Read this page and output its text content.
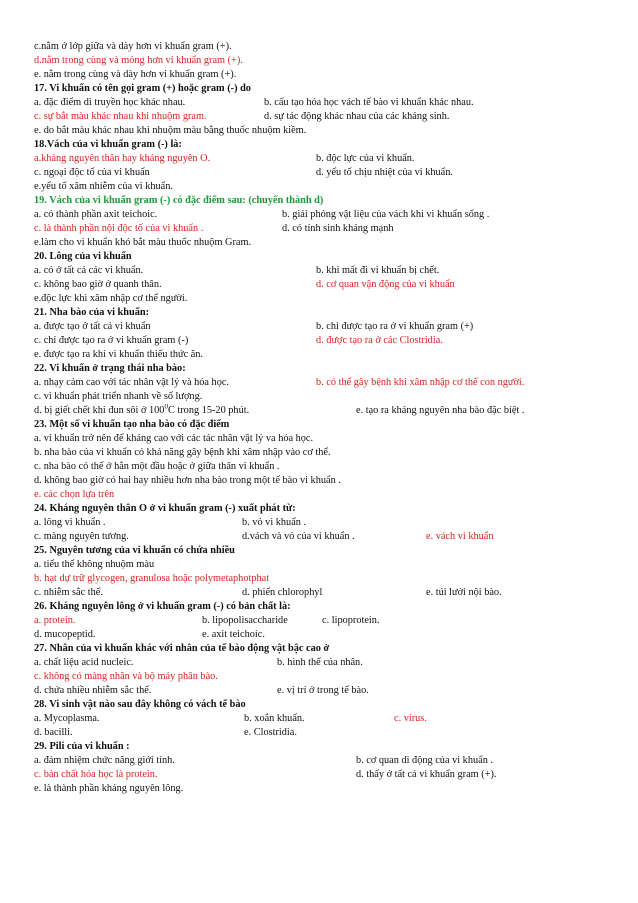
c.nằm ở lớp giữa và dày hơn vi khuẩn gram (+).
d.nằm trong cùng và mỏng hơn vi khuẩn gram (+).
e. nằm trong cùng và dày hơn vi khuẩn gram (+).
17. Vi khuẩn có tên gọi gram (+) hoặc gram (-) do
a. đặc điểm di truyền học khác nhau.	b. cấu tạo hóa học vách tế bào vi khuẩn khác nhau.
c. sự bắt màu khác nhau khi nhuộm gram.	d. sự tác động khác nhau của các kháng sinh.
e. do bắt màu khác nhau khi nhuộm màu bằng thuốc nhuộm kiềm.
18.Vách của vi khuẩn gram (-) là:
a.kháng nguyên thân hay kháng nguyên O.	b. độc lực của vi khuẩn.
c. ngoại độc tố của vi khuẩn	d. yếu tố chịu nhiệt của vi khuẩn.
e.yếu tố xâm nhiễm của vi khuẩn.
19. Vách của vi khuẩn gram (-) có đặc điểm sau: (chuyển thành d)
a. có thành phần axit teichoic.	b. giải phóng vật liệu của vách khi vi khuẩn sống .
c. là thành phần nội độc tố của vi khuẩn .	d. có tính sinh kháng mạnh
e.làm cho vi khuẩn khó bắt màu thuốc nhuộm Gram.
20. Lông của vi khuẩn
a. có ở tất cả các vi khuẩn.	b. khi mất đi vi khuẩn bị chết.
c. không bao giờ ở quanh thân.	d. cơ quan vận động của vi khuẩn
e.độc lực khi xâm nhập cơ thể người.
21. Nha bào của vi khuẩn:
a. được tạo ở tất cả vi khuẩn	b. chỉ được tạo ra ở vi khuẩn gram (+)
c. chỉ được tạo ra ở vi khuẩn gram (-)	d. được tạo ra ở các Clostridia.
e. được tạo ra khi vi khuẩn thiếu thức ăn.
22. Vi khuẩn ở trạng thái nha bào:
a. nhạy cảm cao với tác nhân vật lý và hóa học.	b. có thể gây bệnh khi xâm nhập cơ thể con người.
c. vi khuẩn phát triển nhanh về số lượng.
d. bị giết chết khi đun sôi ở $100^0C$ trong 15-20 phút.	e. tạo ra kháng nguyên nha bào đặc biệt .
23. Một số vi khuẩn tạo nha bào có đặc điểm
a. vi khuẩn trở nên để kháng cao với các tác nhân vật lý va hóa học.
b. nha bào của vi khuẩn có khả năng gây bệnh khi xâm nhập vào cơ thể.
c. nha bào có thể ở hẳn một đầu hoặc ở giữa thân vi khuẩn .
d. không bao giờ có hai hay nhiều hơn nha bào trong một tế bào vi khuẩn .
e. các chọn lựa trên
24. Kháng nguyên thân O ở vi khuẩn gram (-) xuất phát từ:
a. lông vi khuẩn .	b. vỏ vi khuẩn .
c. màng nguyên tương.	d.vách và vỏ của vi khuẩn .	e. vách vi khuẩn
25. Nguyên tương của vi khuẩn có chứa nhiều
a. tiểu thể không nhuộm màu
b. hạt dự trữ glycogen, granulosa hoặc polymetaphotphat
c. nhiễm sắc thể.	d. phiến chlorophyl	e. túi lưới nội bào.
26. Kháng nguyên lông ở vi khuẩn gram (-) có bản chất là:
a. protein.	b. lipopolisaccharide	c. lipoprotein.
d. mucopeptid.	e. axit teichoic.
27. Nhân của vi khuẩn khác với nhân của tế bào động vật bậc cao ở
a. chất liệu acid nucleic.	b. hình thể của nhân.
c. không có màng nhân và bộ máy phân bào.
d. chứa nhiều nhiễm sắc thể.	e. vị trí ở trong tế bào.
28. Vi sinh vật nào sau đây không có vách tế bào
a. Mycoplasma.	b. xoắn khuẩn.	c. virus.
d. bacilli.	e. Clostridia.
29. Pili của vi khuẩn :
a. đảm nhiệm chức năng giới tính.	b. cơ quan di động của vi khuẩn .
c. bản chất hóa học là protein.	d. thấy ở tất cả vi khuẩn gram (+).
e. là thành phần kháng nguyên lông.
